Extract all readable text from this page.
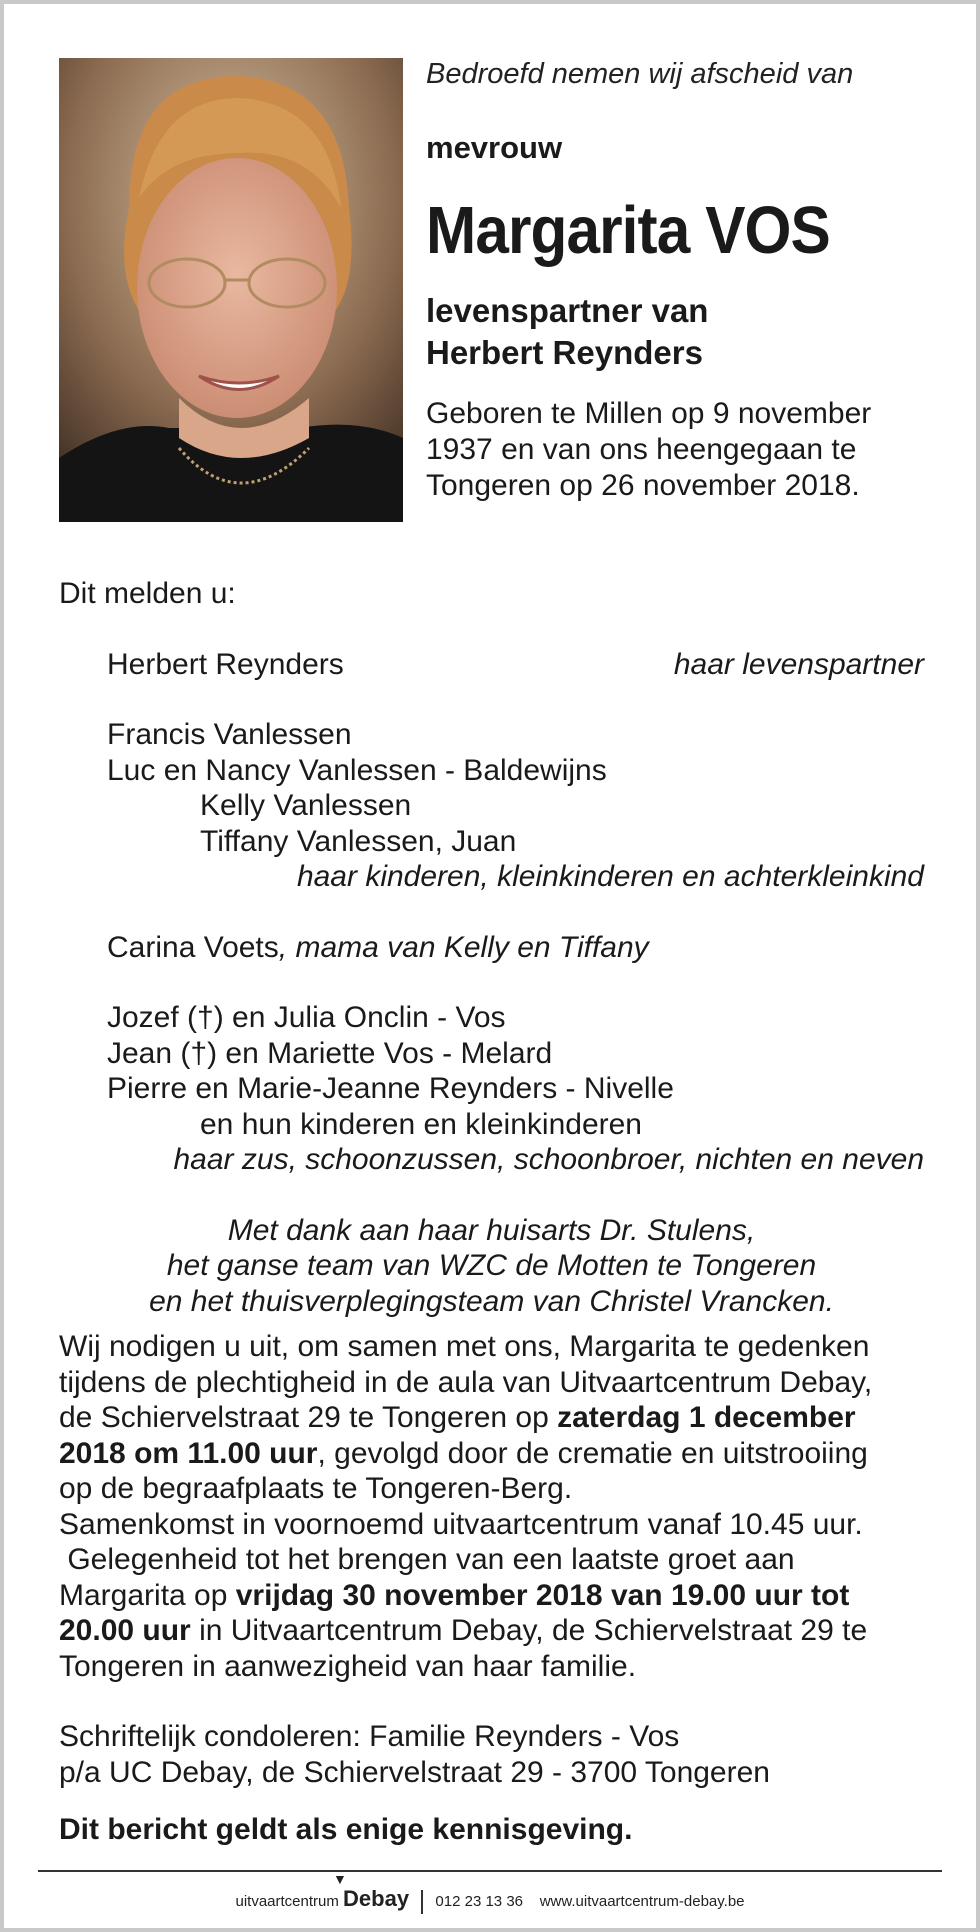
Bedroefd nemen wij afscheid van
mevrouw
Margarita VOS
levenspartner van
Herbert Reynders
Geboren te Millen op 9 november
1937 en van ons heengegaan te
Tongeren op 26 november 2018.
Dit melden u:
Herbert Reynders	haar levenspartner
Francis Vanlessen
Luc en Nancy Vanlessen - Baldewijns
Kelly Vanlessen
Tiffany Vanlessen, Juan
haar kinderen, kleinkinderen en achterkleinkind
Carina Voets, mama van Kelly en Tiffany
Jozef (†) en Julia Onclin - Vos
Jean (†) en Mariette Vos - Melard
Pierre en Marie-Jeanne Reynders - Nivelle
en hun kinderen en kleinkinderen
haar zus, schoonzussen, schoonbroer, nichten en neven
Met dank aan haar huisarts Dr. Stulens,
het ganse team van WZC de Motten te Tongeren
en het thuisverplegingsteam van Christel Vrancken.
Wij nodigen u uit, om samen met ons, Margarita te gedenken
tijdens de plechtigheid in de aula van Uitvaartcentrum Debay,
de Schiervelstraat 29 te Tongeren op zaterdag 1 december
2018 om 11.00 uur, gevolgd door de crematie en uitstrooiing
op de begraafplaats te Tongeren-Berg.
Samenkomst in voornoemd uitvaartcentrum vanaf 10.45 uur.
Gelegenheid tot het brengen van een laatste groet aan
Margarita op vrijdag 30 november 2018 van 19.00 uur tot
20.00 uur in Uitvaartcentrum Debay, de Schiervelstraat 29 te
Tongeren in aanwezigheid van haar familie.
Schriftelijk condoleren: Familie Reynders - Vos
p/a UC Debay, de Schiervelstraat 29 - 3700 Tongeren
Dit bericht geldt als enige kennisgeving.
uitvaartcentrum
▼
Debay 012 23 13 36 www.uitvaartcentrum-debay.be
